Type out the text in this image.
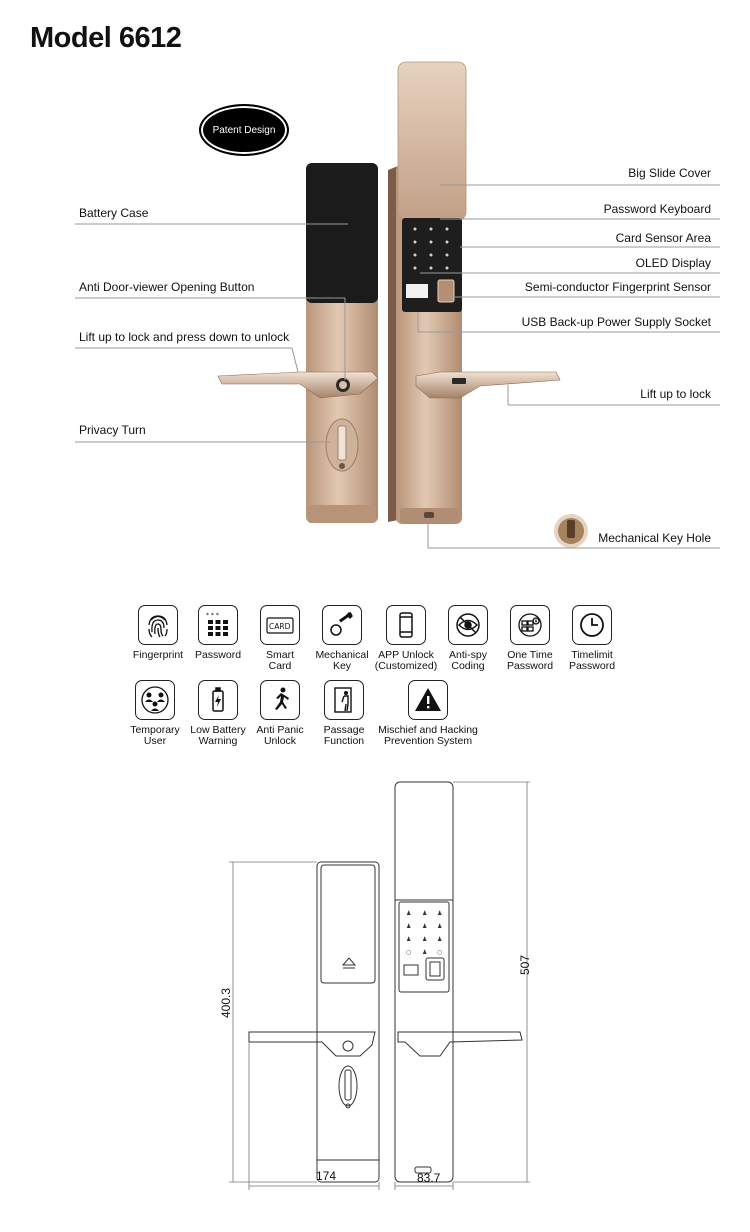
Model 6612
Patent Design
Battery Case
Anti Door-viewer Opening Button
Lift up to lock and press down to unlock
Privacy Turn
Big Slide Cover
Password Keyboard
Card Sensor Area
OLED Display
Semi-conductor Fingerprint Sensor
USB Back-up Power Supply Socket
Lift up to lock
Mechanical Key Hole
Fingerprint

* * *
Password

CARD
Smart
Card
Mechanical
Key
APP Unlock
(Customized)
Anti-spy
Coding
One Time
Password
Timelimit
Password
Temporary
User
Low Battery
Warning
Anti Panic
Unlock
Passage
Function
Mischief and Hacking
Prevention System
♟ ♟ ♟
♟ ♟ ♟
♟ ♟ ♟
○ ♟ ○
400.3
507
174	83.7
